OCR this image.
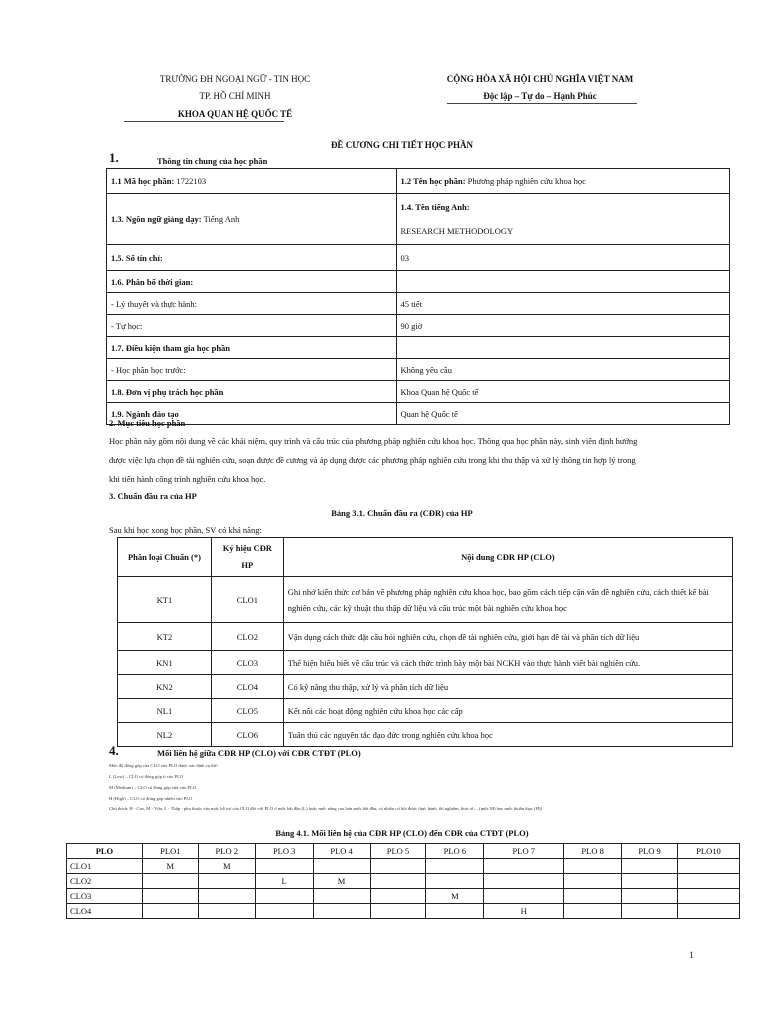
TRƯỜNG ĐH NGOẠI NGỮ - TIN HỌC
TP. HỒ CHÍ MINH
KHOA QUAN HỆ QUỐC TẾ
CỘNG HÒA XÃ HỘI CHỦ NGHĨA VIỆT NAM
Độc lập – Tự do – Hạnh Phúc
ĐỀ CƯƠNG CHI TIẾT HỌC PHẦN
1.	Thông tin chung của học phần
1.1 Mã học phần: 1722103	1.2 Tên học phần: Phương pháp nghiên cứu khoa học
1.3. Ngôn ngữ giảng dạy: Tiếng Anh	1.4. Tên tiếng Anh:
RESEARCH METHODOLOGY

1.5. Số tín chỉ:	03
1.6. Phân bố thời gian:	
- Lý thuyết và thực hành:	45 tiết
- Tự học:	90 giờ
1.7. Điều kiện tham gia học phần	
- Học phần học trước:	Không yêu cầu
1.8. Đơn vị phụ trách học phần	Khoa Quan hệ Quốc tế
1.9. Ngành đào tạo	Quan hệ Quốc tế
2. Mục tiêu học phần
Học phần này gồm nội dung về các khái niệm, quy trình và cấu trúc của phương pháp nghiên cứu khoa học. Thông qua học phần này, sinh viên định hướng
được việc lựa chọn đề tài nghiên cứu, soạn được đề cương và áp dụng được các phương pháp nghiên cứu trong khi thu thập và xử lý thông tin hợp lý trong
khi tiến hành công trình nghiên cứu khoa học.
3. Chuẩn đầu ra của HP
Bảng 3.1. Chuẩn đầu ra (CĐR) của HP
Sau khi học xong học phần, SV có khả năng:
Phân loại Chuẩn (*)	Ký hiệu CĐR HP	Nội dung CĐR HP (CLO)
KT1	CLO1	Ghi nhớ kiến thức cơ bản về phương pháp nghiên cứu khoa học, bao gồm cách tiếp cận vấn đề nghiên cứu, cách thiết kế bài nghiên cứu, các kỹ thuật thu thập dữ liệu và cấu trúc một bài nghiên cứu khoa học
KT2	CLO2	Vận dụng cách thức đặt câu hỏi nghiên cứu, chọn đề tài nghiên cứu, giới hạn đề tài và phân tích dữ liệu
KN1	CLO3	Thể hiện hiểu biết về cấu trúc và cách thức trình bày một bài NCKH vào thực hành viết bài nghiên cứu.
KN2	CLO4	Có kỹ năng thu thập, xử lý và phân tích dữ liệu
NL1	CLO5	Kết nối các hoạt động nghiên cứu khoa học các cấp
NL2	CLO6	Tuân thủ các nguyên tắc đạo đức trong nghiên cứu khoa học
4.	Mối liên hệ giữa CĐR HP (CLO) với CĐR CTĐT (PLO)
Mức độ đóng góp của CLO vào PLO được xác định cụ thể:
L (Low) – CLO có đóng góp ít vào PLO
M (Medium) – CLO có đóng góp vừa vào PLO
H (High) – CLO có đóng góp nhiều vào PLO
Chú thích: H - Cao, M - Vừa, L - Thấp - phụ thuộc vào mức hỗ trợ của CLO đối với PLO ở mức bắt đầu (L) hoặc mức nâng cao hơn mức bắt đầu, có nhiều cơ hội được thực hành, thí nghiệm, thực tế,... (mức M) hay mức thuần thục (H))
Bảng 4.1. Mối liên hệ của CĐR HP (CLO) đến CĐR của CTĐT (PLO)
PLO	PLO1	PLO 2	PLO 3	PLO 4	PLO 5	PLO 6	PLO 7	PLO 8	PLO 9	PLO10
CLO1	M	M								
CLO2			L	M						
CLO3						M				
CLO4							H			
1
